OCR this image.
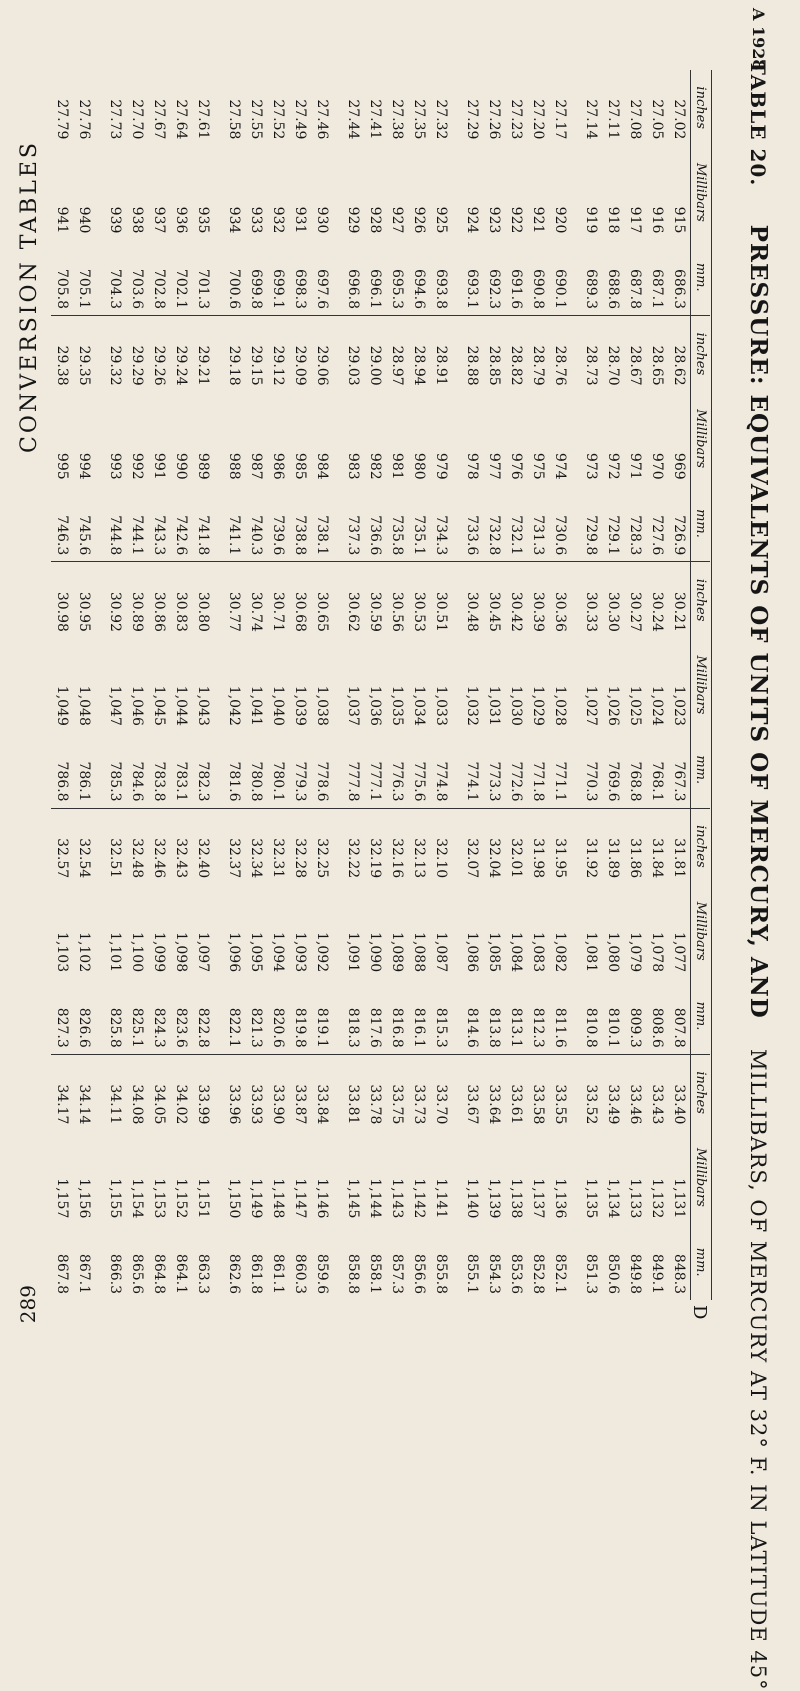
A 1928
TABLE 20. PRESSURE: EQUIVALENTS OF UNITS OF MERCURY, AND MILLIBARS, OF MERCURY AT 32° F. IN LATITUDE 45°
D
inches	Millibars	mm.	inches	Millibars	mm.	inches	Millibars	mm.	inches	Millibars	mm.	inches	Millibars	mm.
27.02	915	686.3	28.62	969	726.9	30.21	1,023	767.3	31.81	1,077	807.8	33.40	1,131	848.3
27.05	916	687.1	28.65	970	727.6	30.24	1,024	768.1	31.84	1,078	808.6	33.43	1,132	849.1
27.08	917	687.8	28.67	971	728.3	30.27	1,025	768.8	31.86	1,079	809.3	33.46	1,133	849.8
27.11	918	688.6	28.70	972	729.1	30.30	1,026	769.6	31.89	1,080	810.1	33.49	1,134	850.6
27.14	919	689.3	28.73	973	729.8	30.33	1,027	770.3	31.92	1,081	810.8	33.52	1,135	851.3
27.17	920	690.1	28.76	974	730.6	30.36	1,028	771.1	31.95	1,082	811.6	33.55	1,136	852.1
27.20	921	690.8	28.79	975	731.3	30.39	1,029	771.8	31.98	1,083	812.3	33.58	1,137	852.8
27.23	922	691.6	28.82	976	732.1	30.42	1,030	772.6	32.01	1,084	813.1	33.61	1,138	853.6
27.26	923	692.3	28.85	977	732.8	30.45	1,031	773.3	32.04	1,085	813.8	33.64	1,139	854.3
27.29	924	693.1	28.88	978	733.6	30.48	1,032	774.1	32.07	1,086	814.6	33.67	1,140	855.1
27.32	925	693.8	28.91	979	734.3	30.51	1,033	774.8	32.10	1,087	815.3	33.70	1,141	855.8
27.35	926	694.6	28.94	980	735.1	30.53	1,034	775.6	32.13	1,088	816.1	33.73	1,142	856.6
27.38	927	695.3	28.97	981	735.8	30.56	1,035	776.3	32.16	1,089	816.8	33.75	1,143	857.3
27.41	928	696.1	29.00	982	736.6	30.59	1,036	777.1	32.19	1,090	817.6	33.78	1,144	858.1
27.44	929	696.8	29.03	983	737.3	30.62	1,037	777.8	32.22	1,091	818.3	33.81	1,145	858.8
27.46	930	697.6	29.06	984	738.1	30.65	1,038	778.6	32.25	1,092	819.1	33.84	1,146	859.6
27.49	931	698.3	29.09	985	738.8	30.68	1,039	779.3	32.28	1,093	819.8	33.87	1,147	860.3
27.52	932	699.1	29.12	986	739.6	30.71	1,040	780.1	32.31	1,094	820.6	33.90	1,148	861.1
27.55	933	699.8	29.15	987	740.3	30.74	1,041	780.8	32.34	1,095	821.3	33.93	1,149	861.8
27.58	934	700.6	29.18	988	741.1	30.77	1,042	781.6	32.37	1,096	822.1	33.96	1,150	862.6
27.61	935	701.3	29.21	989	741.8	30.80	1,043	782.3	32.40	1,097	822.8	33.99	1,151	863.3
27.64	936	702.1	29.24	990	742.6	30.83	1,044	783.1	32.43	1,098	823.6	34.02	1,152	864.1
27.67	937	702.8	29.26	991	743.3	30.86	1,045	783.8	32.46	1,099	824.3	34.05	1,153	864.8
27.70	938	703.6	29.29	992	744.1	30.89	1,046	784.6	32.48	1,100	825.1	34.08	1,154	865.6
27.73	939	704.3	29.32	993	744.8	30.92	1,047	785.3	32.51	1,101	825.8	34.11	1,155	866.3
27.76	940	705.1	29.35	994	745.6	30.95	1,048	786.1	32.54	1,102	826.6	34.14	1,156	867.1
27.79	941	705.8	29.38	995	746.3	30.98	1,049	786.8	32.57	1,103	827.3	34.17	1,157	867.8
CONVERSION TABLES
289
